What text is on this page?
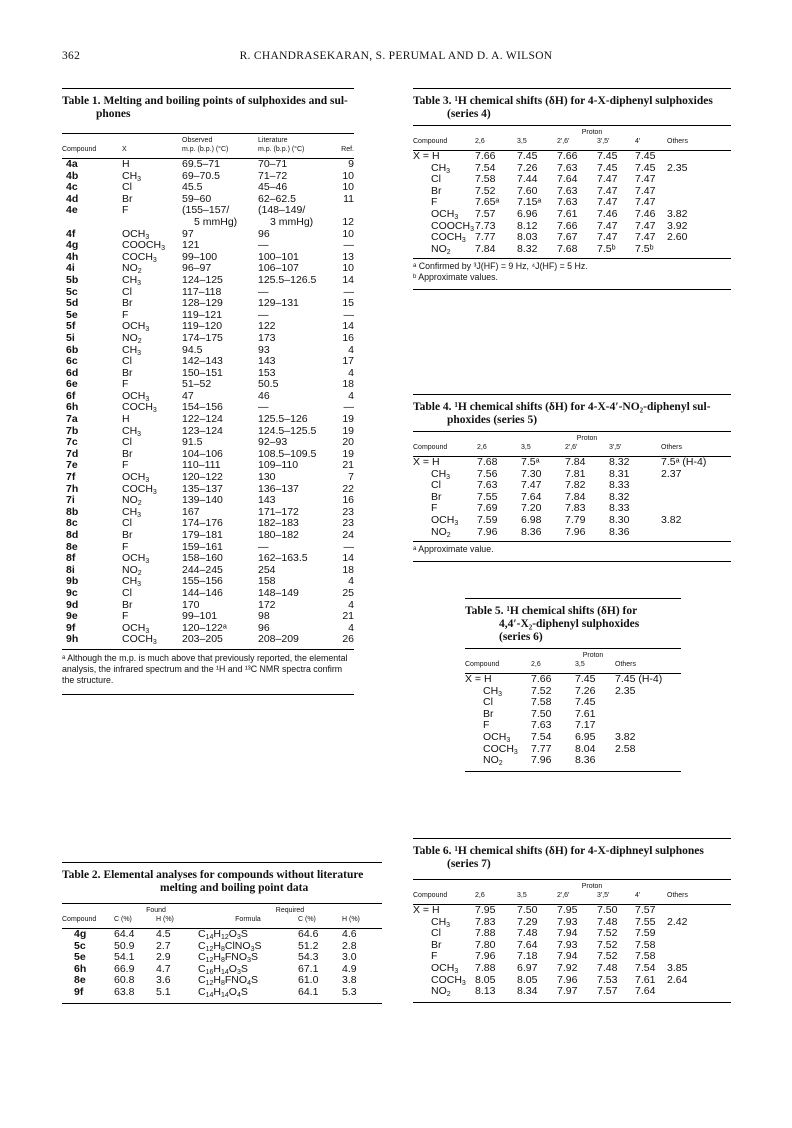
362	R. CHANDRASEKARAN, S. PERUMAL AND D. A. WILSON
Table 1. Melting and boiling points of sulphoxides and sul-
phones
		Observed	Literature	
Compound	X	m.p. (b.p.) (°C)	m.p. (b.p.) (°C)	Ref.

4a	H	69.5–71	70–71	9
4b	$CH_3$	69–70.5	71–72	10
4c	Cl	45.5	45–46	10
4d	Br	59–60	62–62.5	11
4e	F	(155–157/	(148–149/	
		5 mmHg)	3 mmHg)	12
4f	$OCH_3$	97	96	10
4g	$COOCH_3$	121	—	—
4h	$COCH_3$	99–100	100–101	13
4i	$NO_2$	96–97	106–107	10
5b	$CH_3$	124–125	125.5–126.5	14
5c	Cl	117–118	—	—
5d	Br	128–129	129–131	15
5e	F	119–121	—	—
5f	$OCH_3$	119–120	122	14
5i	$NO_2$	174–175	173	16
6b	$CH_3$	94.5	93	4
6c	Cl	142–143	143	17
6d	Br	150–151	153	4
6e	F	51–52	50.5	18
6f	$OCH_3$	47	46	4
6h	$COCH_3$	154–156	—	—
7a	H	122–124	125.5–126	19
7b	$CH_3$	123–124	124.5–125.5	19
7c	Cl	91.5	92–93	20
7d	Br	104–106	108.5–109.5	19
7e	F	110–111	109–110	21
7f	$OCH_3$	120–122	130	7
7h	$COCH_3$	135–137	136–137	22
7i	$NO_2$	139–140	143	16
8b	$CH_3$	167	171–172	23
8c	Cl	174–176	182–183	23
8d	Br	179–181	180–182	24
8e	F	159–161	—	—
8f	$OCH_3$	158–160	162–163.5	14
8i	$NO_2$	244–245	254	18
9b	$CH_3$	155–156	158	4
9c	Cl	144–146	148–149	25
9d	Br	170	172	4
9e	F	99–101	98	21
9f	$OCH_3$	120–122ᵃ	96	4
9h	$COCH_3$	203–205	208–209	26
ᵃ Although the m.p. is much above that previously reported, the elemental analysis, the infrared spectrum and the ¹H and ¹³C NMR spectra confirm the structure.
Table 2. Elemental analyses for compounds without literature
melting and boiling point data
	Found		Required		
Compound	C (%)	H (%)	Formula	C (%)	H (%)

4g	64.4	4.5	$C_{14}H_{12}O_3S$	64.6	4.6
5c	50.9	2.7	$C_{12}H_8ClNO_3S$	51.2	2.8
5e	54.1	2.9	$C_{12}H_8FNO_3S$	54.3	3.0
6h	66.9	4.7	$C_{16}H_{14}O_3S$	67.1	4.9
8e	60.8	3.6	$C_{12}H_8FNO_4S$	61.0	3.8
9f	63.8	5.1	$C_{14}H_{14}O_4S$	64.1	5.3
Table 3. ¹H chemical shifts (δH) for 4-X-diphenyl sulphoxides
(series 4)
Proton						
Compound	2,6	3,5	2′,6′	3′,5′	4′	Others

X = H	7.66	7.45	7.66	7.45	7.45	
$CH_3$	7.54	7.26	7.63	7.45	7.45	2.35
Cl	7.58	7.44	7.64	7.47	7.47	
Br	7.52	7.60	7.63	7.47	7.47	
F	7.65ᵃ	7.15ᵃ	7.63	7.47	7.47	
$OCH_3$	7.57	6.96	7.61	7.46	7.46	3.82
$COOCH_3$	7.73	8.12	7.66	7.47	7.47	3.92
$COCH_3$	7.77	8.03	7.67	7.47	7.47	2.60
$NO_2$	7.84	8.32	7.68	7.5ᵇ	7.5ᵇ	
ᵃ Confirmed by ³J(HF) = 9 Hz, ⁴J(HF) = 5 Hz.
ᵇ Approximate values.
Table 4. ¹H chemical shifts (δH) for 4-X-4′-NO₂-diphenyl sul-
phoxides (series 5)
Proton					
Compound	2,6	3,5	2′,6′	3′,5′	Others

X = H	7.68	7.5ᵃ	7.84	8.32	7.5ᵃ (H-4)
$CH_3$	7.56	7.30	7.81	8.31	2.37
Cl	7.63	7.47	7.82	8.33	
Br	7.55	7.64	7.84	8.32	
F	7.69	7.20	7.83	8.33	
$OCH_3$	7.59	6.98	7.79	8.30	3.82
$NO_2$	7.96	8.36	7.96	8.36	
ᵃ Approximate value.
Table 5. ¹H chemical shifts (δH) for
4,4′-X₂-diphenyl sulphoxides
(series 6)
Proton			
Compound	2,6	3,5	Others

X = H	7.66	7.45	7.45 (H-4)
$CH_3$	7.52	7.26	2.35
Cl	7.58	7.45	
Br	7.50	7.61	
F	7.63	7.17	
$OCH_3$	7.54	6.95	3.82
$COCH_3$	7.77	8.04	2.58
$NO_2$	7.96	8.36	
Table 6. ¹H chemical shifts (δH) for 4-X-diphneyl sulphones
(series 7)
Proton						
Compound	2,6	3,5	2′,6′	3′,5′	4′	Others

X = H	7.95	7.50	7.95	7.50	7.57	
$CH_3$	7.83	7.29	7.93	7.48	7.55	2.42
Cl	7.88	7.48	7.94	7.52	7.59	
Br	7.80	7.64	7.93	7.52	7.58	
F	7.96	7.18	7.94	7.52	7.58	
$OCH_3$	7.88	6.97	7.92	7.48	7.54	3.85
$COCH_3$	8.05	8.05	7.96	7.53	7.61	2.64
$NO_2$	8.13	8.34	7.97	7.57	7.64	
